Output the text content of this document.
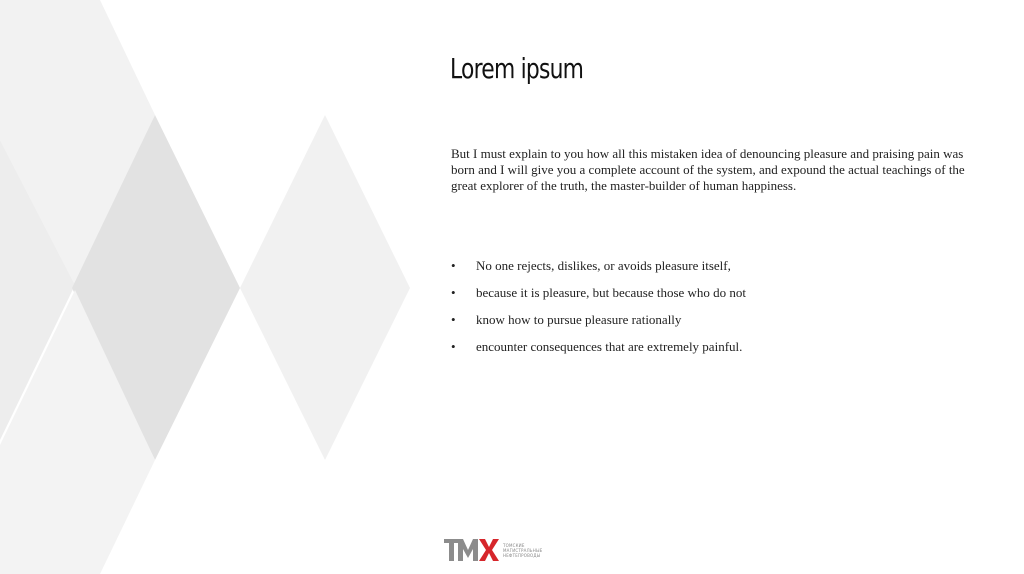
Lorem ipsum

But I must explain to you how all this mistaken idea of denouncing pleasure and praising pain was born and I will give you a complete account of the system, and expound the actual teachings of the great explorer of the truth, the master-builder of human happiness.

•	No one rejects, dislikes, or avoids pleasure itself,
•	because it is pleasure, but because those who do not
•	know how to pursue pleasure rationally
•	encounter consequences that are extremely painful.
ТОМСКИЕ
МАГИСТРАЛЬНЫЕ
НЕФТЕПРОВОДЫ
